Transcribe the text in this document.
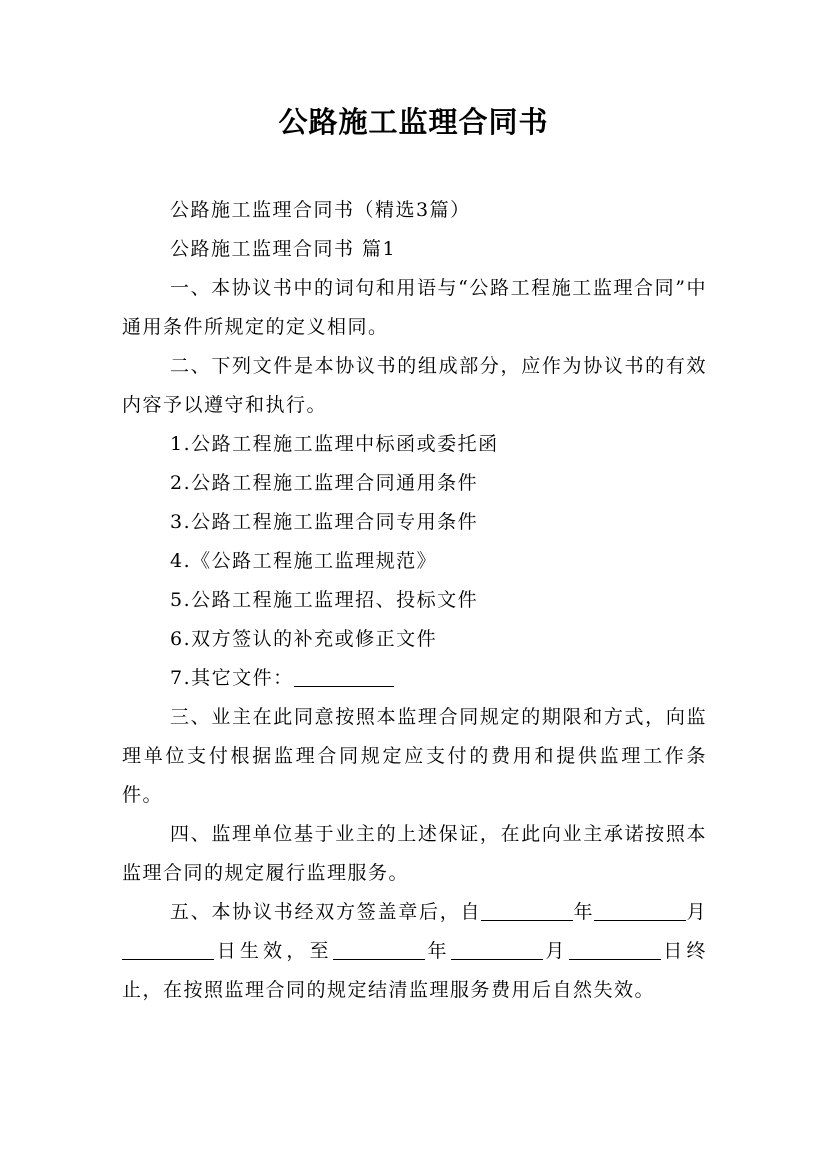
公路施工监理合同书

公路施工监理合同书（精选3篇）

公路施工监理合同书 篇1

一、本协议书中的词句和用语与“公路工程施工监理合同”中通用条件所规定的定义相同。

二、下列文件是本协议书的组成部分，应作为协议书的有效内容予以遵守和执行。

1.公路工程施工监理中标函或委托函

2.公路工程施工监理合同通用条件

3.公路工程施工监理合同专用条件

4.《公路工程施工监理规范》

5.公路工程施工监理招、投标文件

6.双方签认的补充或修正文件

7.其它文件：

三、业主在此同意按照本监理合同规定的期限和方式，向监理单位支付根据监理合同规定应支付的费用和提供监理工作条件。

四、监理单位基于业主的上述保证，在此向业主承诺按照本监理合同的规定履行监理服务。

五、本协议书经双方签盖章后，自	年	月日生效，至	年	月	日终止，在按照监理合同的规定结清监理服务费用后自然失效。
